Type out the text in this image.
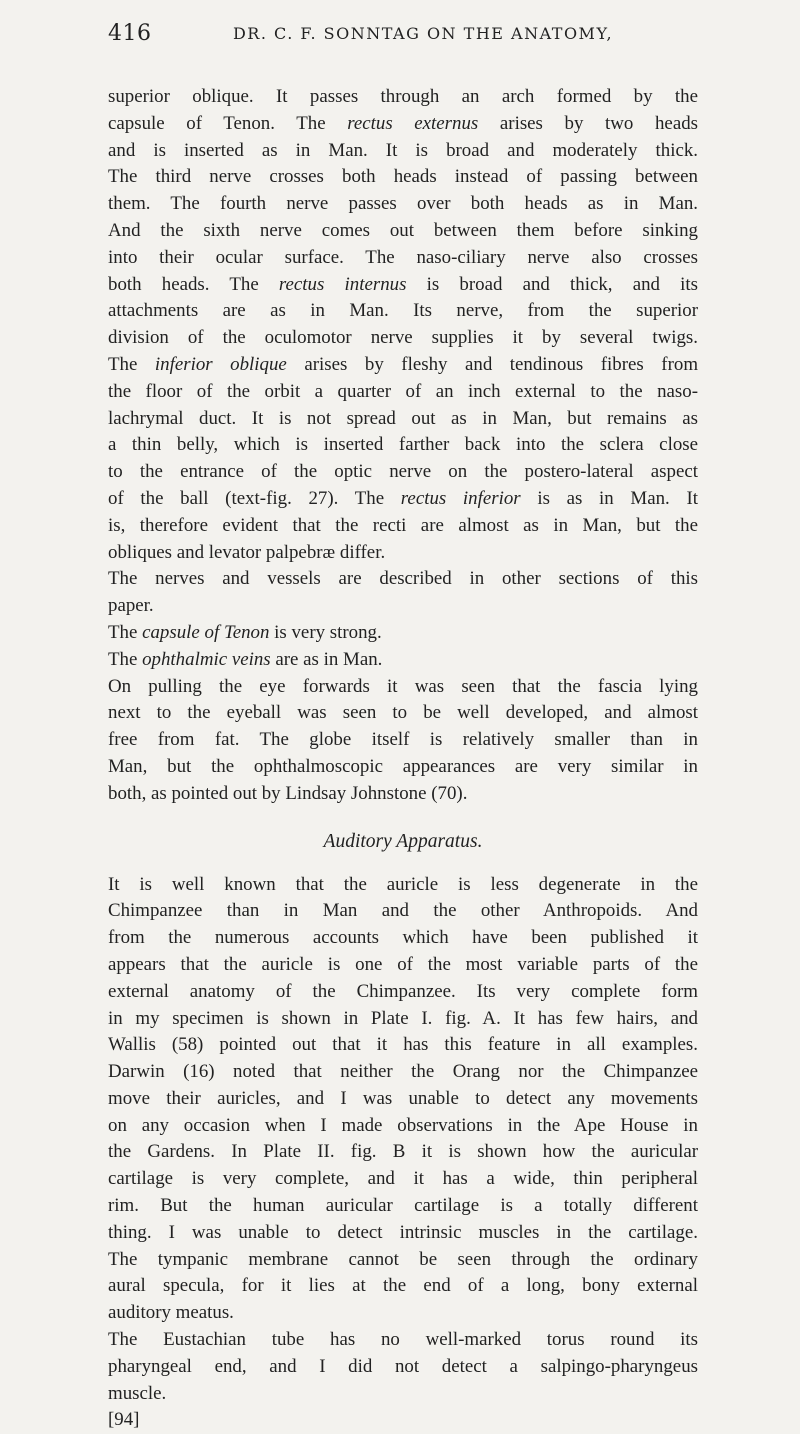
416	DR. C. F. SONNTAG ON THE ANATOMY,
superior oblique. It passes through an arch formed by the
capsule of Tenon. The rectus externus arises by two heads
and is inserted as in Man. It is broad and moderately thick.
The third nerve crosses both heads instead of passing between
them. The fourth nerve passes over both heads as in Man.
And the sixth nerve comes out between them before sinking
into their ocular surface. The naso-ciliary nerve also crosses
both heads. The rectus internus is broad and thick, and its
attachments are as in Man. Its nerve, from the superior
division of the oculomotor nerve supplies it by several twigs.
The inferior oblique arises by fleshy and tendinous fibres from
the floor of the orbit a quarter of an inch external to the naso-
lachrymal duct. It is not spread out as in Man, but remains as
a thin belly, which is inserted farther back into the sclera close
to the entrance of the optic nerve on the postero-lateral aspect
of the ball (text-fig. 27). The rectus inferior is as in Man. It
is, therefore evident that the recti are almost as in Man, but the
obliques and levator palpebræ differ.
The nerves and vessels are described in other sections of this
paper.
The capsule of Tenon is very strong.
The ophthalmic veins are as in Man.
On pulling the eye forwards it was seen that the fascia lying
next to the eyeball was seen to be well developed, and almost
free from fat. The globe itself is relatively smaller than in
Man, but the ophthalmoscopic appearances are very similar in
both, as pointed out by Lindsay Johnstone (70).
Auditory Apparatus.
It is well known that the auricle is less degenerate in the
Chimpanzee than in Man and the other Anthropoids. And
from the numerous accounts which have been published it
appears that the auricle is one of the most variable parts of the
external anatomy of the Chimpanzee. Its very complete form
in my specimen is shown in Plate I. fig. A. It has few hairs, and
Wallis (58) pointed out that it has this feature in all examples.
Darwin (16) noted that neither the Orang nor the Chimpanzee
move their auricles, and I was unable to detect any movements
on any occasion when I made observations in the Ape House in
the Gardens. In Plate II. fig. B it is shown how the auricular
cartilage is very complete, and it has a wide, thin peripheral
rim. But the human auricular cartilage is a totally different
thing. I was unable to detect intrinsic muscles in the cartilage.
The tympanic membrane cannot be seen through the ordinary
aural specula, for it lies at the end of a long, bony external
auditory meatus.
The Eustachian tube has no well-marked torus round its
pharyngeal end, and I did not detect a salpingo-pharyngeus
muscle.
[94]
